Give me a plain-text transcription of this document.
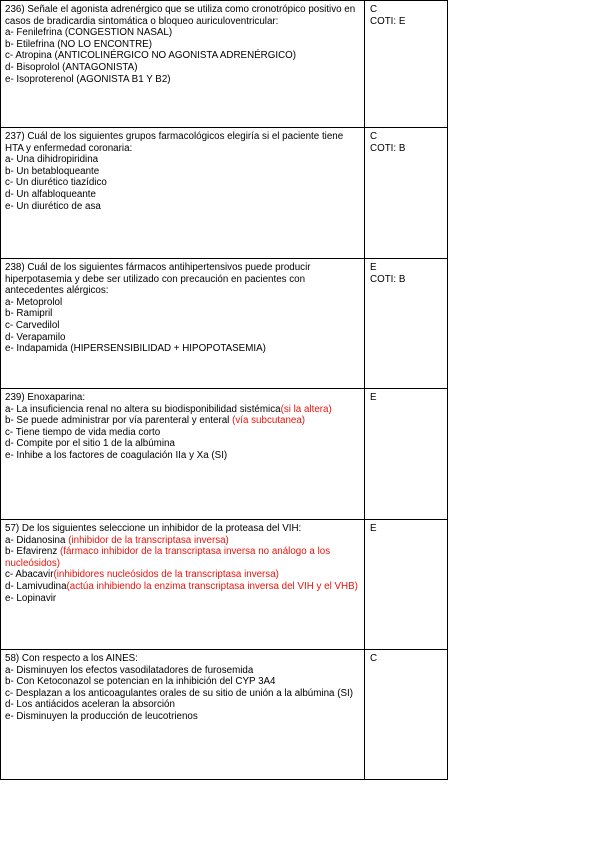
236) Señale el agonista adrenérgico que se utiliza como cronotrópico positivo en casos de bradicardia sintomática o bloqueo auriculoventricular:
a- Fenilefrina (CONGESTION NASAL)
b- Etilefrina (NO LO ENCONTRE)
c- Atropina (ANTICOLINÉRGICO NO AGONISTA ADRENÉRGICO)
d- Bisoprolol (ANTAGONISTA)
e- Isoproterenol (AGONISTA B1 Y B2)
C
COTI: E
237) Cuál de los siguientes grupos farmacológicos elegiría si el paciente tiene HTA y enfermedad coronaria:
a- Una dihidropiridina
b- Un betabloqueante
c- Un diurético tiazídico
d- Un alfabloqueante
e- Un diurético de asa
C
COTI: B
238) Cuál de los siguientes fármacos antihipertensivos puede producir hiperpotasemia y debe ser utilizado con precaución en pacientes con antecedentes alérgicos:
a- Metoprolol
b- Ramipril
c- Carvedilol
d- Verapamilo
e- Indapamida (HIPERSENSIBILIDAD + HIPOPOTASEMIA)
E
COTI: B
239) Enoxaparina:
a- La insuficiencia renal no altera su biodisponibilidad sistémica(si la altera)
b- Se puede administrar por vía parenteral y enteral (vía subcutanea)
c- Tiene tiempo de vida media corto
d- Compite por el sitio 1 de la albúmina
e- Inhibe a los factores de coagulación IIa y Xa (SI)
E
57) De los siguientes seleccione un inhibidor de la proteasa del VIH:
a- Didanosina (inhibidor de la transcriptasa inversa)
b- Efavirenz (fármaco inhibidor de la transcriptasa inversa no análogo a los nucleósidos)
c- Abacavir(inhibidores nucleósidos de la transcriptasa inversa)
d- Lamivudina(actúa inhibiendo la enzima transcriptasa inversa del VIH y el VHB)
e- Lopinavir
E
58) Con respecto a los AINES:
a- Disminuyen los efectos vasodilatadores de furosemida
b- Con Ketoconazol se potencian en la inhibición del CYP 3A4
c- Desplazan a los anticoagulantes orales de su sitio de unión a la albúmina (SI)
d- Los antiácidos aceleran la absorción
e- Disminuyen la producción de leucotrienos
C
